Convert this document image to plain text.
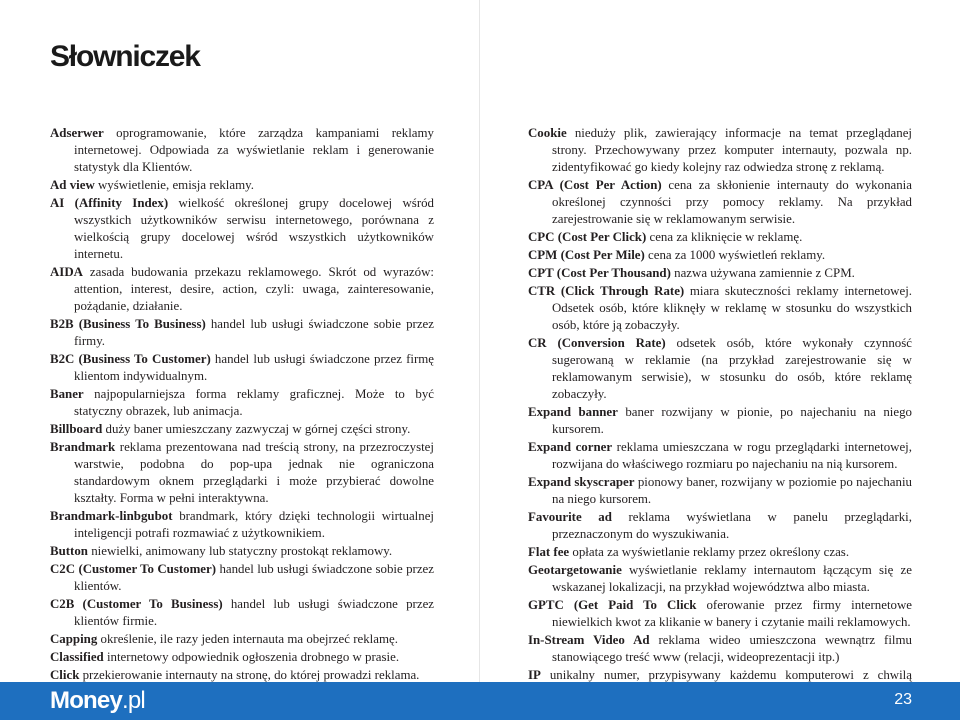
Słowniczek

Adserwer oprogramowanie, które zarządza kampaniami reklamy internetowej. Odpowiada za wyświetlanie reklam i generowanie statystyk dla Klientów.

Ad view wyświetlenie, emisja reklamy.

AI (Affinity Index) wielkość określonej grupy docelowej wśród wszystkich użytkowników serwisu internetowego, porównana z wielkością grupy docelowej wśród wszystkich użytkowników internetu.

AIDA zasada budowania przekazu reklamowego. Skrót od wyrazów: attention, interest, desire, action, czyli: uwaga, zainteresowanie, pożądanie, działanie.

B2B (Business To Business) handel lub usługi świadczone sobie przez firmy.

B2C (Business To Customer) handel lub usługi świadczone przez firmę klientom indywidualnym.

Baner najpopularniejsza forma reklamy graficznej. Może to być statyczny obrazek, lub animacja.

Billboard duży baner umieszczany zazwyczaj w górnej części strony.

Brandmark reklama prezentowana nad treścią strony, na przezroczystej warstwie, podobna do pop-upa jednak nie ograniczona standardowym oknem przeglądarki i może przybierać dowolne kształty. Forma w pełni interaktywna.

Brandmark-linbgubot brandmark, który dzięki technologii wirtualnej inteligencji potrafi rozmawiać z użytkownikiem.

Button niewielki, animowany lub statyczny prostokąt reklamowy.

C2C (Customer To Customer) handel lub usługi świadczone sobie przez klientów.

C2B (Customer To Business) handel lub usługi świadczone przez klientów firmie.

Capping określenie, ile razy jeden internauta ma obejrzeć reklamę.

Classified internetowy odpowiednik ogłoszenia drobnego w prasie.

Click przekierowanie internauty na stronę, do której prowadzi reklama.

Cookie nieduży plik, zawierający informacje na temat przeglądanej strony. Przechowywany przez komputer internauty, pozwala np. zidentyfikować go kiedy kolejny raz odwiedza stronę z reklamą.

CPA (Cost Per Action) cena za skłonienie internauty do wykonania określonej czynności przy pomocy reklamy. Na przykład zarejestrowanie się w reklamowanym serwisie.

CPC (Cost Per Click) cena za kliknięcie w reklamę.

CPM (Cost Per Mile) cena za 1000 wyświetleń reklamy.

CPT (Cost Per Thousand) nazwa używana zamiennie z CPM.

CTR (Click Through Rate) miara skuteczności reklamy internetowej. Odsetek osób, które kliknęły w reklamę w stosunku do wszystkich osób, które ją zobaczyły.

CR (Conversion Rate) odsetek osób, które wykonały czynność sugerowaną w reklamie (na przykład zarejestrowanie się w reklamowanym serwisie), w stosunku do osób, które reklamę zobaczyły.

Expand banner baner rozwijany w pionie, po najechaniu na niego kursorem.

Expand corner reklama umieszczana w rogu przeglądarki internetowej, rozwijana do właściwego rozmiaru po najechaniu na nią kursorem.

Expand skyscraper pionowy baner, rozwijany w poziomie po najechaniu na niego kursorem.

Favourite ad reklama wyświetlana w panelu przeglądarki, przeznaczonym do wyszukiwania.

Flat fee opłata za wyświetlanie reklamy przez określony czas.

Geotargetowanie wyświetlanie reklamy internautom łączącym się ze wskazanej lokalizacji, na przykład województwa albo miasta.

GPTC (Get Paid To Click oferowanie przez firmy internetowe niewielkich kwot za klikanie w banery i czytanie maili reklamowych.

In-Stream Video Ad reklama wideo umieszczona wewnątrz filmu stanowiącego treść www (relacji, wideoprezentacji itp.)

IP unikalny numer, przypisywany każdemu komputerowi z chwilą

Money.pl	23
